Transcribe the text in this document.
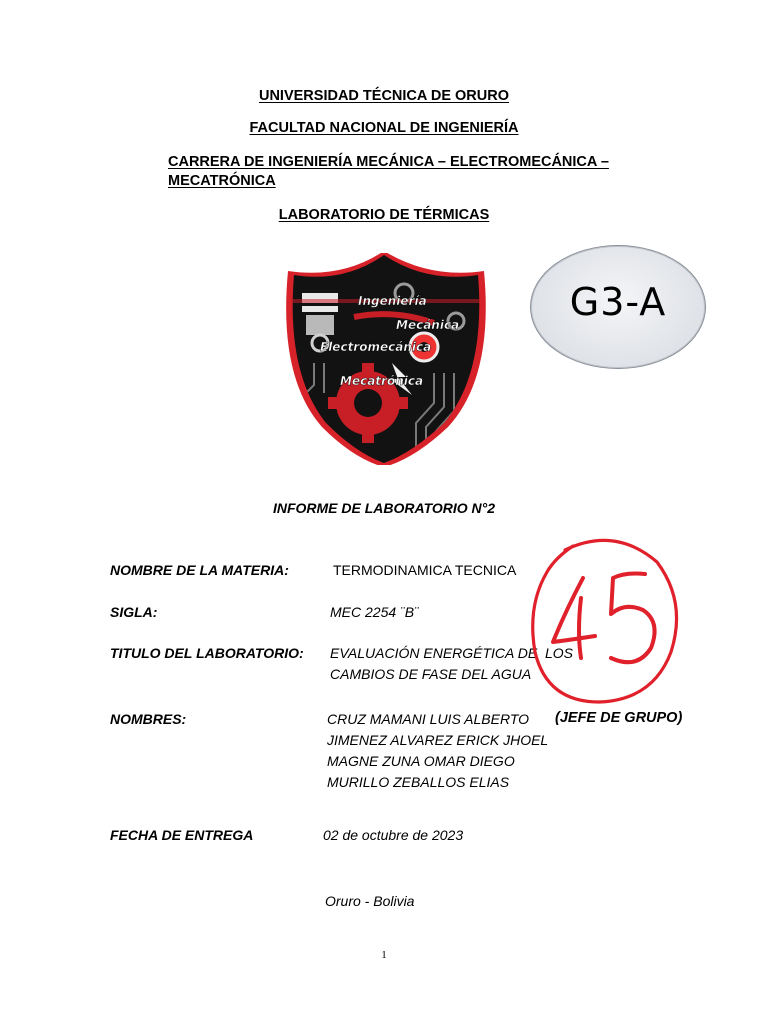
UNIVERSIDAD TÉCNICA DE ORURO
FACULTAD NACIONAL DE INGENIERÍA
CARRERA DE INGENIERÍA MECÁNICA – ELECTROMECÁNICA – MECATRÓNICA
LABORATORIO DE TÉRMICAS
Ingeniería
Mecánica
Electromecánica
Mecatrónica
G3-A
INFORME DE LABORATORIO N°2
NOMBRE DE LA MATERIA:	TERMODINAMICA TECNICA
SIGLA:	MEC 2254 ¨B¨
TITULO DEL LABORATORIO: EVALUACIÓN ENERGÉTICA DE  LOS
CAMBIOS DE FASE DEL AGUA
NOMBRES:	CRUZ MAMANI LUIS ALBERTO (JEFE DE GRUPO)
JIMENEZ ALVAREZ ERICK JHOEL
MAGNE ZUNA OMAR DIEGO
MURILLO ZEBALLOS ELIAS
FECHA DE ENTREGA	02 de octubre de 2023
Oruro - Bolivia
45
1
